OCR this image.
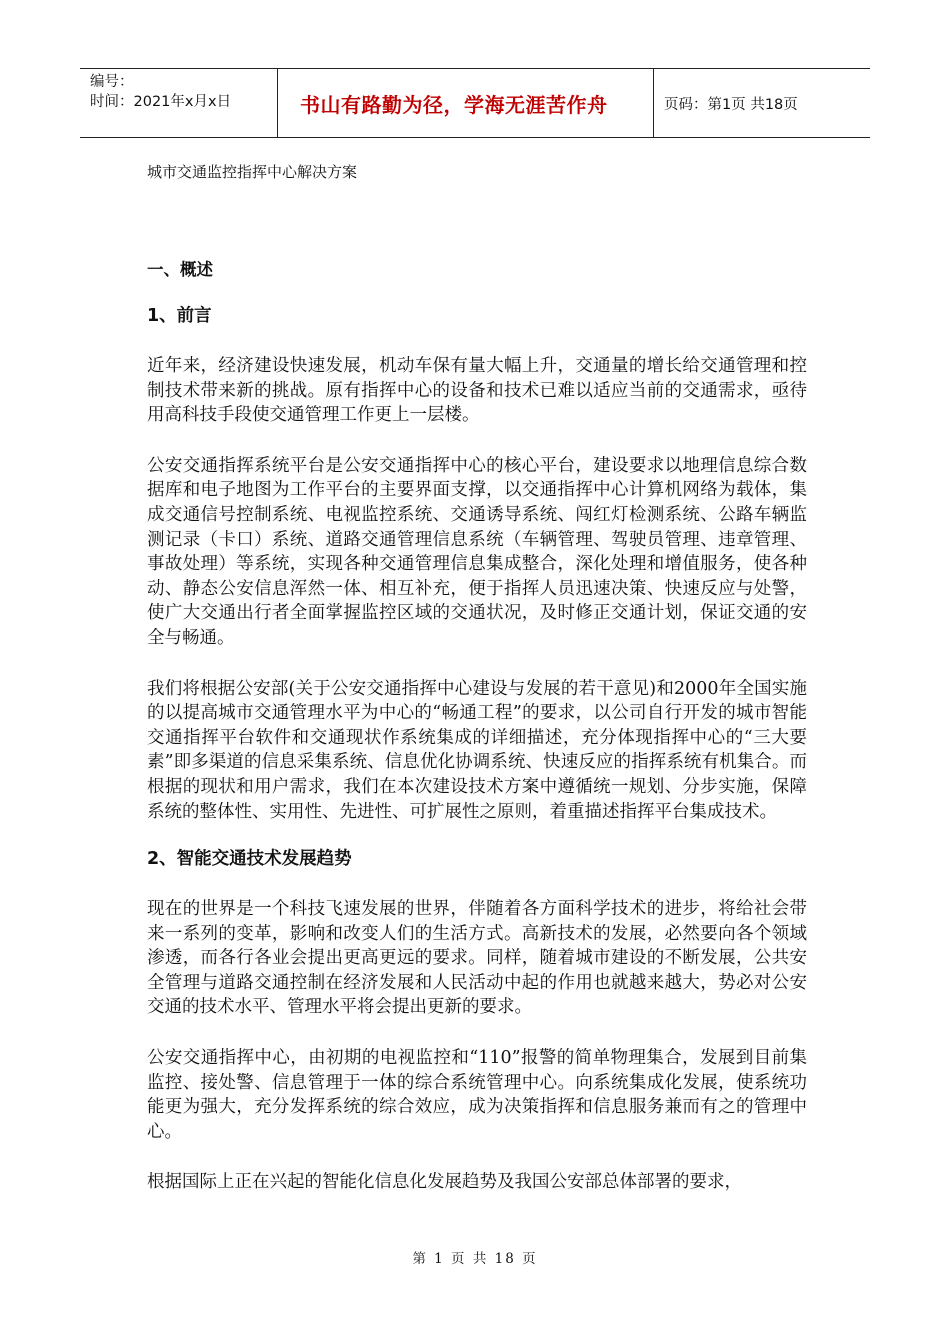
编号：
时间：2021年x月x日	书山有路勤为径，学海无涯苦作舟	页码：第1页 共18页
城市交通监控指挥中心解决方案
一、概述
1、前言

近年来，经济建设快速发展，机动车保有量大幅上升，交通量的增长给交通管理和控制技术带来新的挑战。原有指挥中心的设备和技术已难以适应当前的交通需求，亟待用高科技手段使交通管理工作更上一层楼。

公安交通指挥系统平台是公安交通指挥中心的核心平台，建设要求以地理信息综合数据库和电子地图为工作平台的主要界面支撑，以交通指挥中心计算机网络为载体，集成交通信号控制系统、电视监控系统、交通诱导系统、闯红灯检测系统、公路车辆监测记录（卡口）系统、道路交通管理信息系统（车辆管理、驾驶员管理、违章管理、事故处理）等系统，实现各种交通管理信息集成整合，深化处理和增值服务，使各种动、静态公安信息浑然一体、相互补充，便于指挥人员迅速决策、快速反应与处警，使广大交通出行者全面掌握监控区域的交通状况，及时修正交通计划，保证交通的安全与畅通。

我们将根据公安部(关于公安交通指挥中心建设与发展的若干意见)和2000年全国实施的以提高城市交通管理水平为中心的“畅通工程”的要求，以公司自行开发的城市智能交通指挥平台软件和交通现状作系统集成的详细描述，充分体现指挥中心的“三大要素”即多渠道的信息采集系统、信息优化协调系统、快速反应的指挥系统有机集合。而根据的现状和用户需求，我们在本次建设技术方案中遵循统一规划、分步实施，保障系统的整体性、实用性、先进性、可扩展性之原则，着重描述指挥平台集成技术。

2、智能交通技术发展趋势

现在的世界是一个科技飞速发展的世界，伴随着各方面科学技术的进步，将给社会带来一系列的变革，影响和改变人们的生活方式。高新技术的发展，必然要向各个领域渗透，而各行各业会提出更高更远的要求。同样，随着城市建设的不断发展，公共安全管理与道路交通控制在经济发展和人民活动中起的作用也就越来越大，势必对公安交通的技术水平、管理水平将会提出更新的要求。

公安交通指挥中心，由初期的电视监控和“110”报警的简单物理集合，发展到目前集监控、接处警、信息管理于一体的综合系统管理中心。向系统集成化发展，使系统功能更为强大，充分发挥系统的综合效应，成为决策指挥和信息服务兼而有之的管理中心。

根据国际上正在兴起的智能化信息化发展趋势及我国公安部总体部署的要求，

第 1 页 共 18 页
